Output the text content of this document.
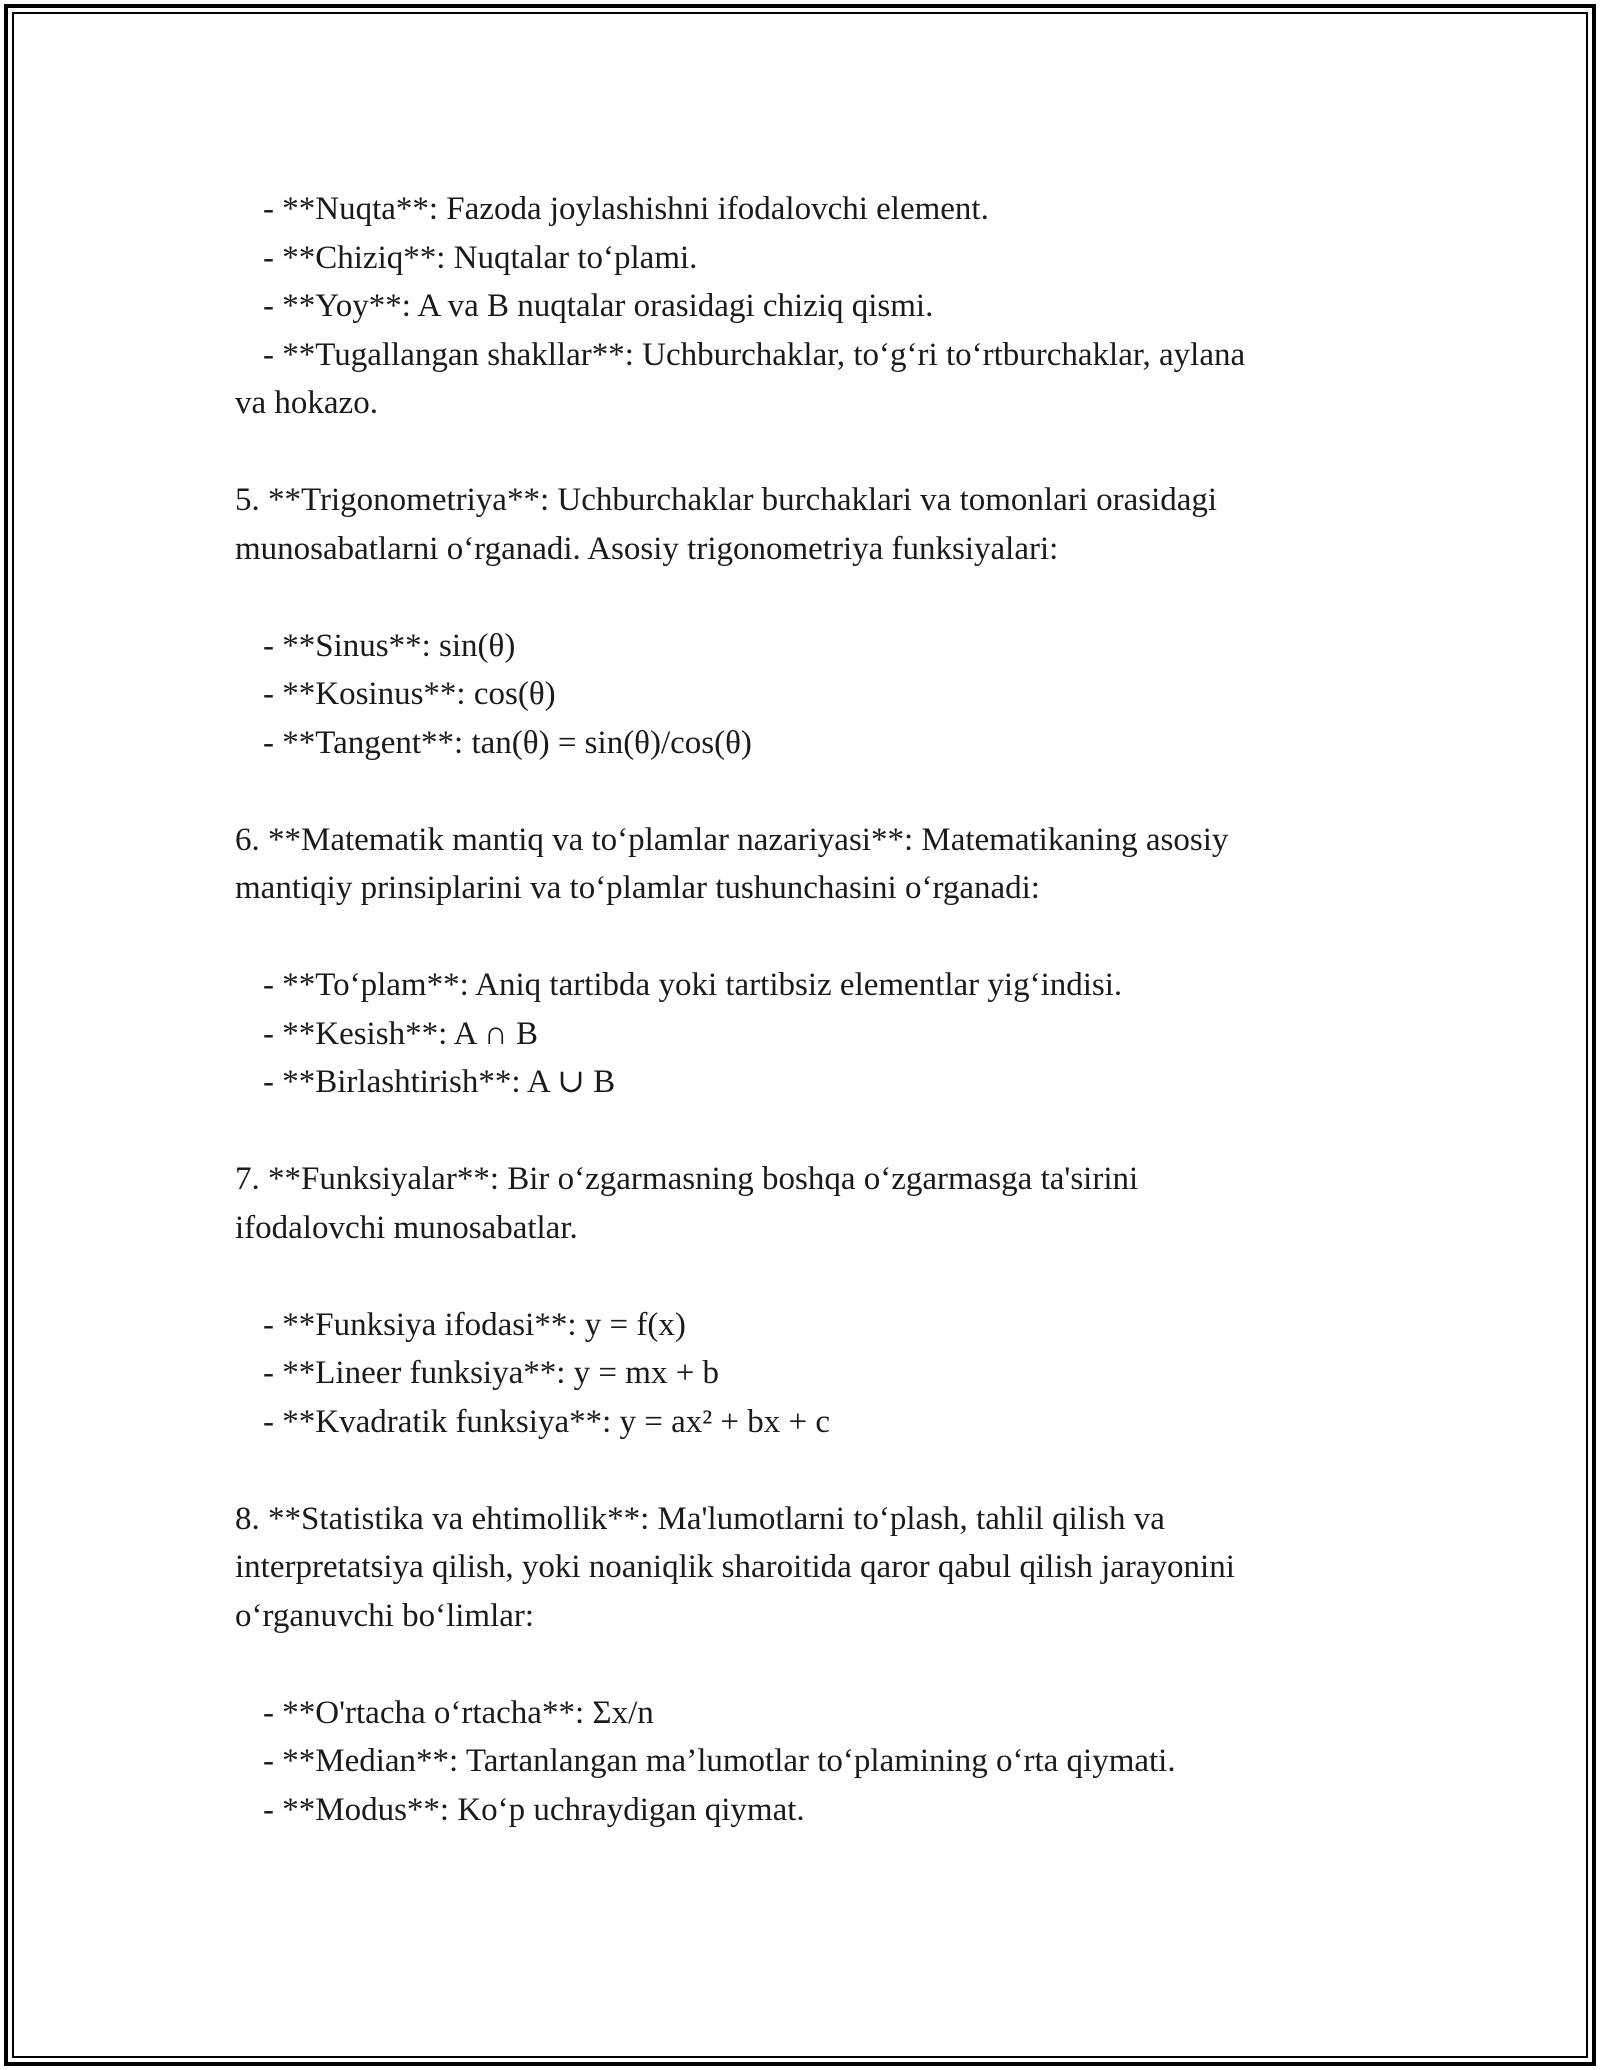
- **Nuqta**: Fazoda joylashishni ifodalovchi element.
- **Chiziq**: Nuqtalar to‘plami.
- **Yoy**: A va B nuqtalar orasidagi chiziq qismi.
- **Tugallangan shakllar**: Uchburchaklar, to‘g‘ri to‘rtburchaklar, aylana
va hokazo.
5. **Trigonometriya**: Uchburchaklar burchaklari va tomonlari orasidagi
munosabatlarni o‘rganadi. Asosiy trigonometriya funksiyalari:
- **Sinus**: sin(θ)
- **Kosinus**: cos(θ)
- **Tangent**: tan(θ) = sin(θ)/cos(θ)
6. **Matematik mantiq va to‘plamlar nazariyasi**: Matematikaning asosiy
mantiqiy prinsiplarini va to‘plamlar tushunchasini o‘rganadi:
- **To‘plam**: Aniq tartibda yoki tartibsiz elementlar yig‘indisi.
- **Kesish**: A ∩ B
- **Birlashtirish**: A ∪ B
7. **Funksiyalar**: Bir o‘zgarmasning boshqa o‘zgarmasga ta'sirini
ifodalovchi munosabatlar.
- **Funksiya ifodasi**: y = f(x)
- **Lineer funksiya**: y = mx + b
- **Kvadratik funksiya**: y = ax² + bx + c
8. **Statistika va ehtimollik**: Ma'lumotlarni to‘plash, tahlil qilish va
interpretatsiya qilish, yoki noaniqlik sharoitida qaror qabul qilish jarayonini
o‘rganuvchi bo‘limlar:
- **O'rtacha o‘rtacha**: Σx/n
- **Median**: Tartanlangan ma’lumotlar to‘plamining o‘rta qiymati.
- **Modus**: Ko‘p uchraydigan qiymat.
